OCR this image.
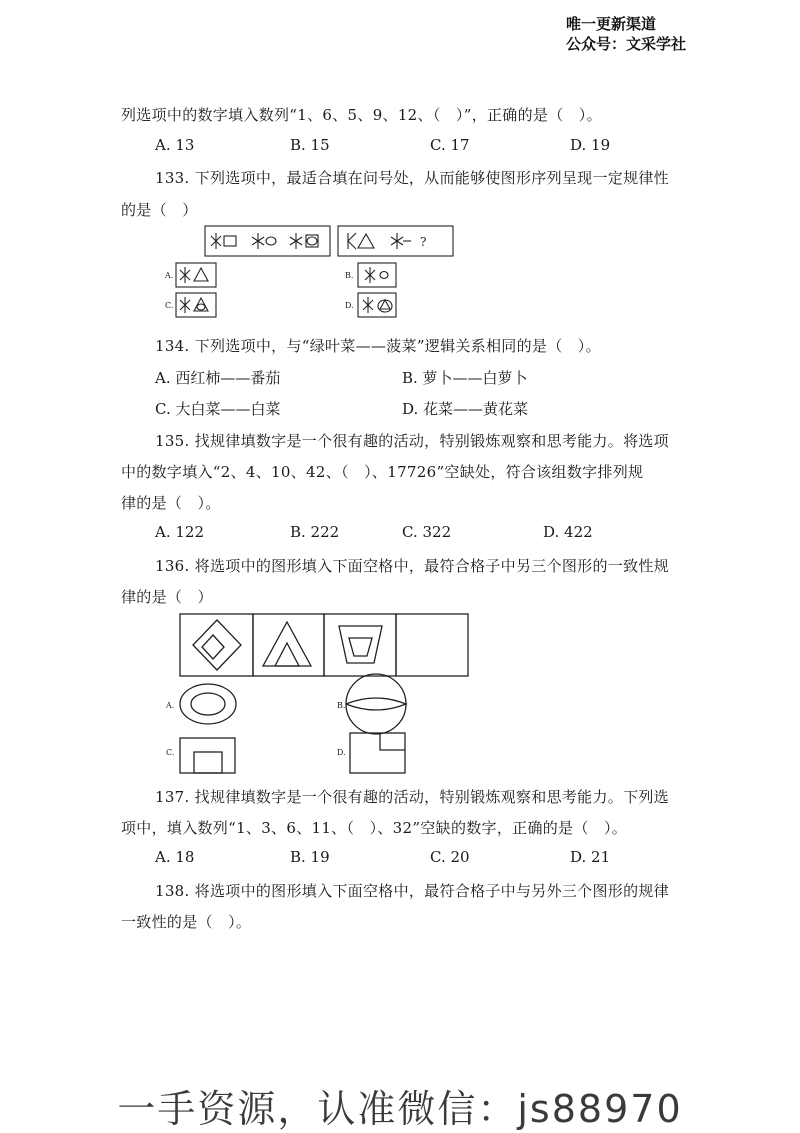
唯一更新渠道
公众号：文采学社
列选项中的数字填入数列“1、6、5、9、12、（　）”，正确的是（　）。
A. 13	B. 15	C. 17	D. 19
133. 下列选项中，最适合填在问号处，从而能够使图形序列呈现一定规律性
的是（　）
?
A.	B.
C.	D.
134. 下列选项中，与“绿叶菜——菠菜”逻辑关系相同的是（　）。
A. 西红柿——番茄	B. 萝卜——白萝卜
C. 大白菜——白菜	D. 花菜——黄花菜
135. 找规律填数字是一个很有趣的活动，特别锻炼观察和思考能力。将选项
中的数字填入“2、4、10、42、（　）、17726”空缺处，符合该组数字排列规
律的是（　）。
A. 122	B. 222	C. 322	D. 422
136. 将选项中的图形填入下面空格中，最符合格子中另三个图形的一致性规
律的是（　）
A.	B.
C.	D.
137. 找规律填数字是一个很有趣的活动，特别锻炼观察和思考能力。下列选
项中，填入数列“1、3、6、11、（　）、32”空缺的数字，正确的是（　）。
A. 18	B. 19	C. 20	D. 21
138. 将选项中的图形填入下面空格中，最符合格子中与另外三个图形的规律
一致性的是（　）。
一手资源，认准微信：js88970
